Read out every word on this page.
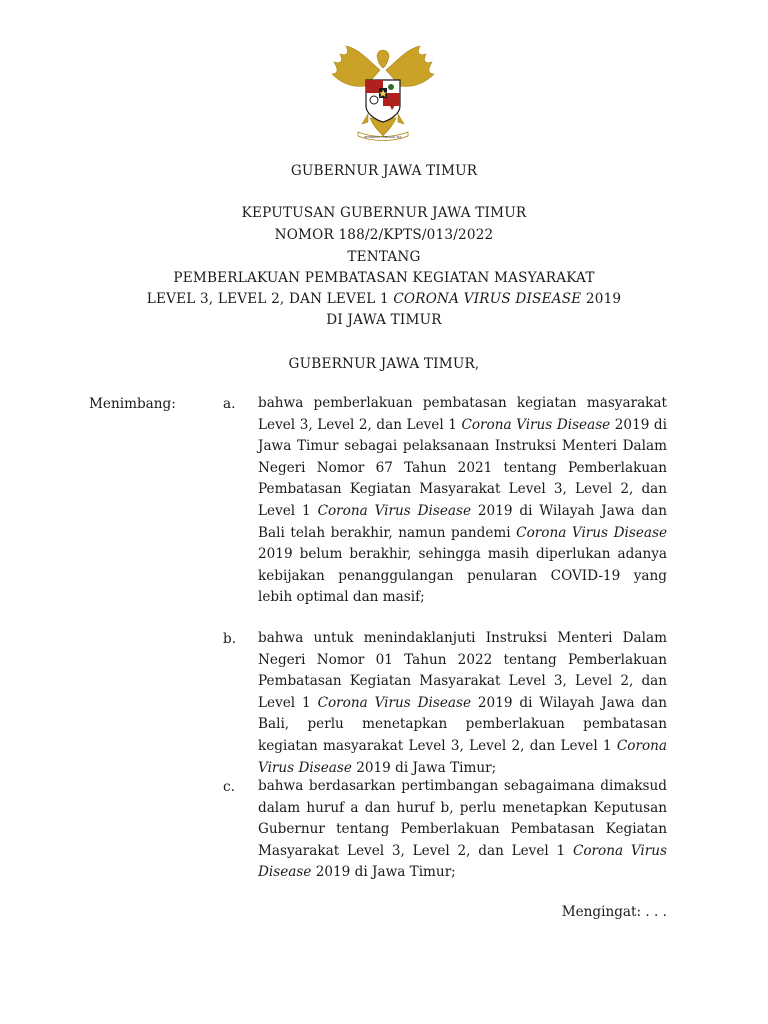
BHINNEKA TUNGGAL IKA
GUBERNUR JAWA TIMUR
KEPUTUSAN GUBERNUR JAWA TIMUR
NOMOR 188/2/KPTS/013/2022
TENTANG
PEMBERLAKUAN PEMBATASAN KEGIATAN MASYARAKAT
LEVEL 3, LEVEL 2, DAN LEVEL 1 CORONA VIRUS DISEASE 2019
DI JAWA TIMUR
GUBERNUR JAWA TIMUR,
Menimbang:	a. bahwa pemberlakuan pembatasan kegiatan masyarakat Level 3, Level 2, dan Level 1 Corona Virus Disease 2019 di Jawa Timur sebagai pelaksanaan Instruksi Menteri Dalam Negeri Nomor 67 Tahun 2021 tentang Pemberlakuan Pembatasan Kegiatan Masyarakat Level 3, Level 2, dan Level 1 Corona Virus Disease 2019 di Wilayah Jawa dan Bali telah berakhir, namun pandemi Corona Virus Disease 2019 belum berakhir, sehingga masih diperlukan adanya kebijakan penanggulangan penularan COVID-19 yang lebih optimal dan masif;
b. bahwa untuk menindaklanjuti Instruksi Menteri Dalam Negeri Nomor 01 Tahun 2022 tentang Pemberlakuan Pembatasan Kegiatan Masyarakat Level 3, Level 2, dan Level 1 Corona Virus Disease 2019 di Wilayah Jawa dan Bali, perlu menetapkan pemberlakuan pembatasan kegiatan masyarakat Level 3, Level 2, dan Level 1 Corona Virus Disease 2019 di Jawa Timur;
c. bahwa berdasarkan pertimbangan sebagaimana dimaksud dalam huruf a dan huruf b, perlu menetapkan Keputusan Gubernur tentang Pemberlakuan Pembatasan Kegiatan Masyarakat Level 3, Level 2, dan Level 1 Corona Virus Disease 2019 di Jawa Timur;
Mengingat: . . .
